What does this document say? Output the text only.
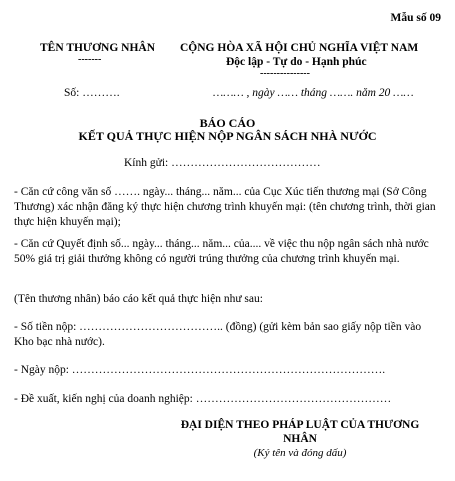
Mẫu số 09
TÊN THƯƠNG NHÂN
-------
CỘNG HÒA XÃ HỘI CHỦ NGHĨA VIỆT NAM
Độc lập - Tự do - Hạnh phúc
---------------
Số: ……….	……… , ngày …… tháng ……. năm 20 ……
BÁO CÁO
KẾT QUẢ THỰC HIỆN NỘP NGÂN SÁCH NHÀ NƯỚC
Kính gửi: …………………………………
- Căn cứ công văn số ……. ngày... tháng... năm... của Cục Xúc tiến thương mại (Sở Công Thương) xác nhận đăng ký thực hiện chương trình khuyến mại: (tên chương trình, thời gian thực hiện khuyến mại);
- Căn cứ Quyết định số... ngày... tháng... năm... của.... về việc thu nộp ngân sách nhà nước 50% giá trị giải thưởng không có người trúng thưởng của chương trình khuyến mại.
(Tên thương nhân) báo cáo kết quả thực hiện như sau:
- Số tiền nộp: ……………………………….. (đồng) (gửi kèm bản sao giấy nộp tiền vào Kho bạc nhà nước).
- Ngày nộp: ……………………………………………………………………….
- Đề xuất, kiến nghị của doanh nghiệp: ……………………………………………
ĐẠI DIỆN THEO PHÁP LUẬT CỦA THƯƠNG
NHÂN
(Ký tên và đóng dấu)
